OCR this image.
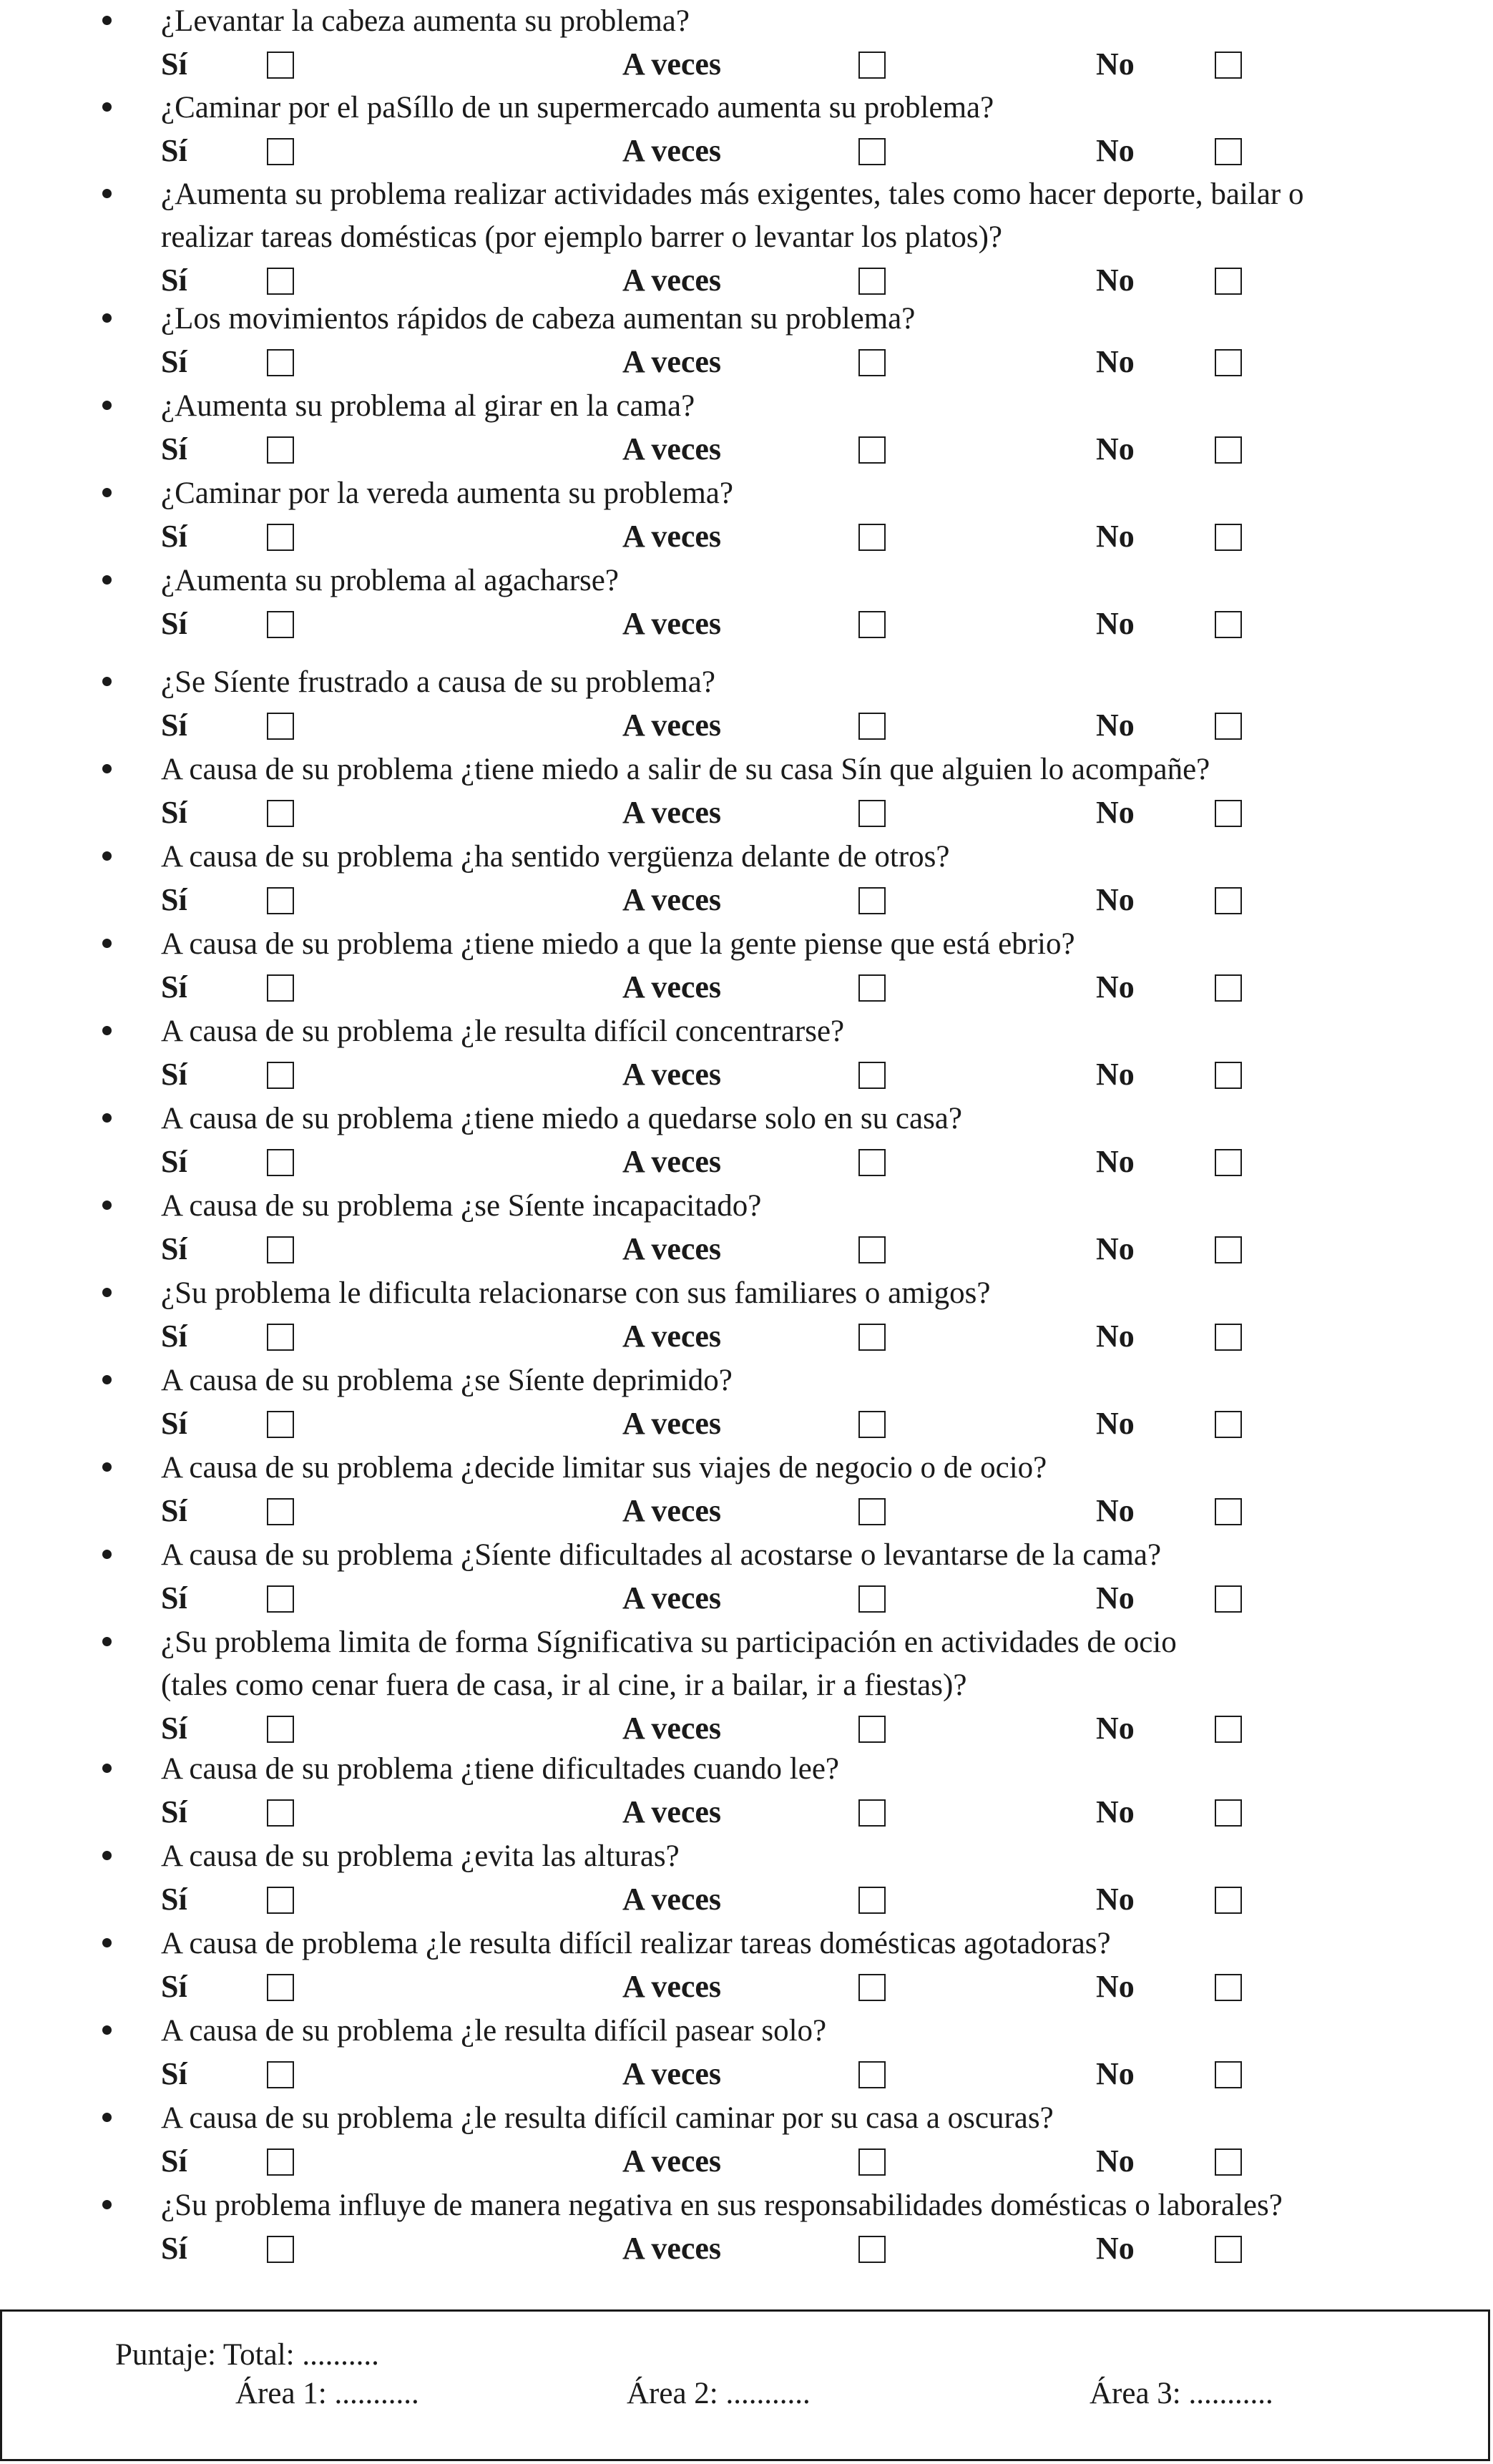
¿Levantar la cabeza aumenta su problema?
Sí	A veces	No
¿Caminar por el paSíllo de un supermercado aumenta su problema?
Sí	A veces	No
¿Aumenta su problema realizar actividades más exigentes, tales como hacer deporte, bailar o
realizar tareas domésticas (por ejemplo barrer o levantar los platos)?
Sí	A veces	No
¿Los movimientos rápidos de cabeza aumentan su problema?
Sí	A veces	No
¿Aumenta su problema al girar en la cama?
Sí	A veces	No
¿Caminar por la vereda aumenta su problema?
Sí	A veces	No
¿Aumenta su problema al agacharse?
Sí	A veces	No
¿Se Síente frustrado a causa de su problema?
Sí	A veces	No
A causa de su problema ¿tiene miedo a salir de su casa Sín que alguien lo acompañe?
Sí	A veces	No
A causa de su problema ¿ha sentido vergüenza delante de otros?
Sí	A veces	No
A causa de su problema ¿tiene miedo a que la gente piense que está ebrio?
Sí	A veces	No
A causa de su problema ¿le resulta difícil concentrarse?
Sí	A veces	No
A causa de su problema ¿tiene miedo a quedarse solo en su casa?
Sí	A veces	No
A causa de su problema ¿se Síente incapacitado?
Sí	A veces	No
¿Su problema le dificulta relacionarse con sus familiares o amigos?
Sí	A veces	No
A causa de su problema ¿se Síente deprimido?
Sí	A veces	No
A causa de su problema ¿decide limitar sus viajes de negocio o de ocio?
Sí	A veces	No
A causa de su problema ¿Síente dificultades al acostarse o levantarse de la cama?
Sí	A veces	No
¿Su problema limita de forma Sígnificativa su participación en actividades de ocio
(tales como cenar fuera de casa, ir al cine, ir a bailar, ir a fiestas)?
Sí	A veces	No
A causa de su problema ¿tiene dificultades cuando lee?
Sí	A veces	No
A causa de su problema ¿evita las alturas?
Sí	A veces	No
A causa de problema ¿le resulta difícil realizar tareas domésticas agotadoras?
Sí	A veces	No
A causa de su problema ¿le resulta difícil pasear solo?
Sí	A veces	No
A causa de su problema ¿le resulta difícil caminar por su casa a oscuras?
Sí	A veces	No
¿Su problema influye de manera negativa en sus responsabilidades domésticas o laborales?
Sí	A veces	No
Puntaje: Total: ..........
Área 1: ...........	Área 2: ...........	Área 3: ...........
